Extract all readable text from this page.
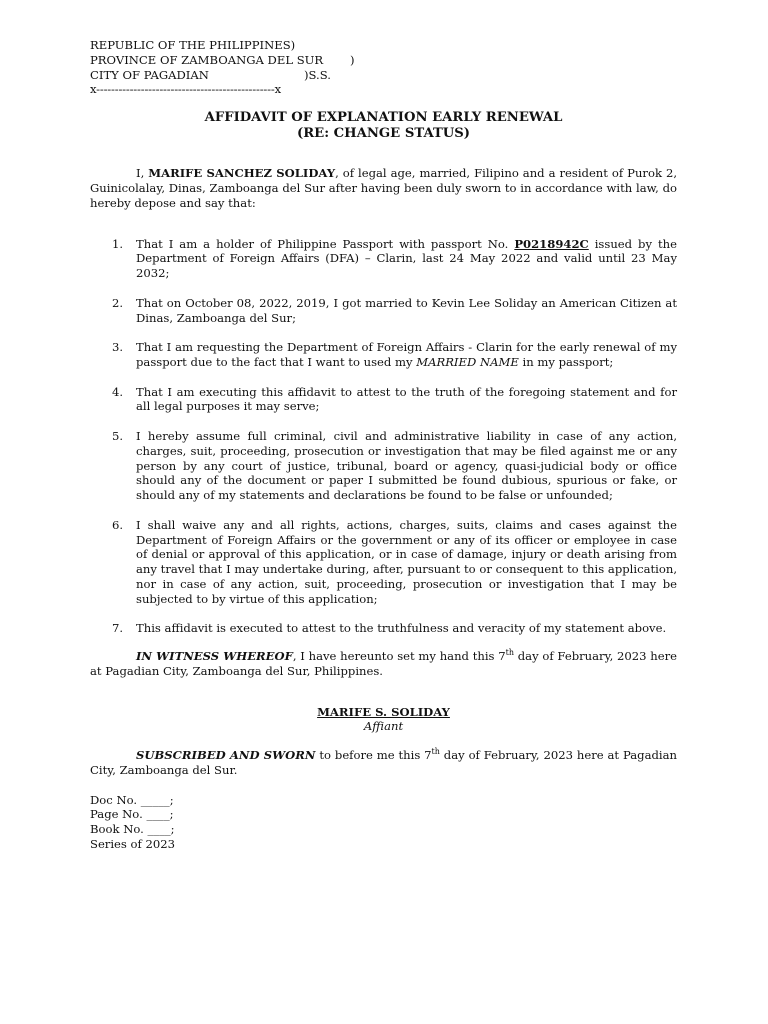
REPUBLIC OF THE PHILIPPINES)
PROVINCE OF ZAMBOANGA DEL SUR )
CITY OF PAGADIAN	)S.S.
x------------------------------------------------x
AFFIDAVIT OF EXPLANATION EARLY RENEWAL
(RE: CHANGE STATUS)

I, MARIFE SANCHEZ SOLIDAY, of legal age, married, Filipino and a resident of Purok 2, Guinicolalay, Dinas, Zamboanga del Sur after having been duly sworn to in accordance with law, do hereby depose and say that:

1. That I am a holder of Philippine Passport with passport No. P0218942C issued by the Department of Foreign Affairs (DFA) – Clarin, last 24 May 2022 and valid until 23 May 2032;
2. That on October 08, 2022, 2019, I got married to Kevin Lee Soliday an American Citizen at Dinas, Zamboanga del Sur;
3. That I am requesting the Department of Foreign Affairs - Clarin for the early renewal of my passport due to the fact that I want to used my MARRIED NAME in my passport;
4. That I am executing this affidavit to attest to the truth of the foregoing statement and for all legal purposes it may serve;
5. I hereby assume full criminal, civil and administrative liability in case of any action, charges, suit, proceeding, prosecution or investigation that may be filed against me or any person by any court of justice, tribunal, board or agency, quasi-judicial body or office should any of the document or paper I submitted be found dubious, spurious or fake, or should any of my statements and declarations be found to be false or unfounded;
6. I shall waive any and all rights, actions, charges, suits, claims and cases against the Department of Foreign Affairs or the government or any of its officer or employee in case of denial or approval of this application, or in case of damage, injury or death arising from any travel that I may undertake during, after, pursuant to or consequent to this application, nor in case of any action, suit, proceeding, prosecution or investigation that I may be subjected to by virtue of this application;
7. This affidavit is executed to attest to the truthfulness and veracity of my statement above.

IN WITNESS WHEREOF, I have hereunto set my hand this 7th day of February, 2023 here at Pagadian City, Zamboanga del Sur, Philippines.

MARIFE S. SOLIDAY
Affiant

SUBSCRIBED AND SWORN to before me this 7th day of February, 2023 here at Pagadian City, Zamboanga del Sur.

Doc No. _____;
Page No. ____;
Book No. ____;
Series of 2023
